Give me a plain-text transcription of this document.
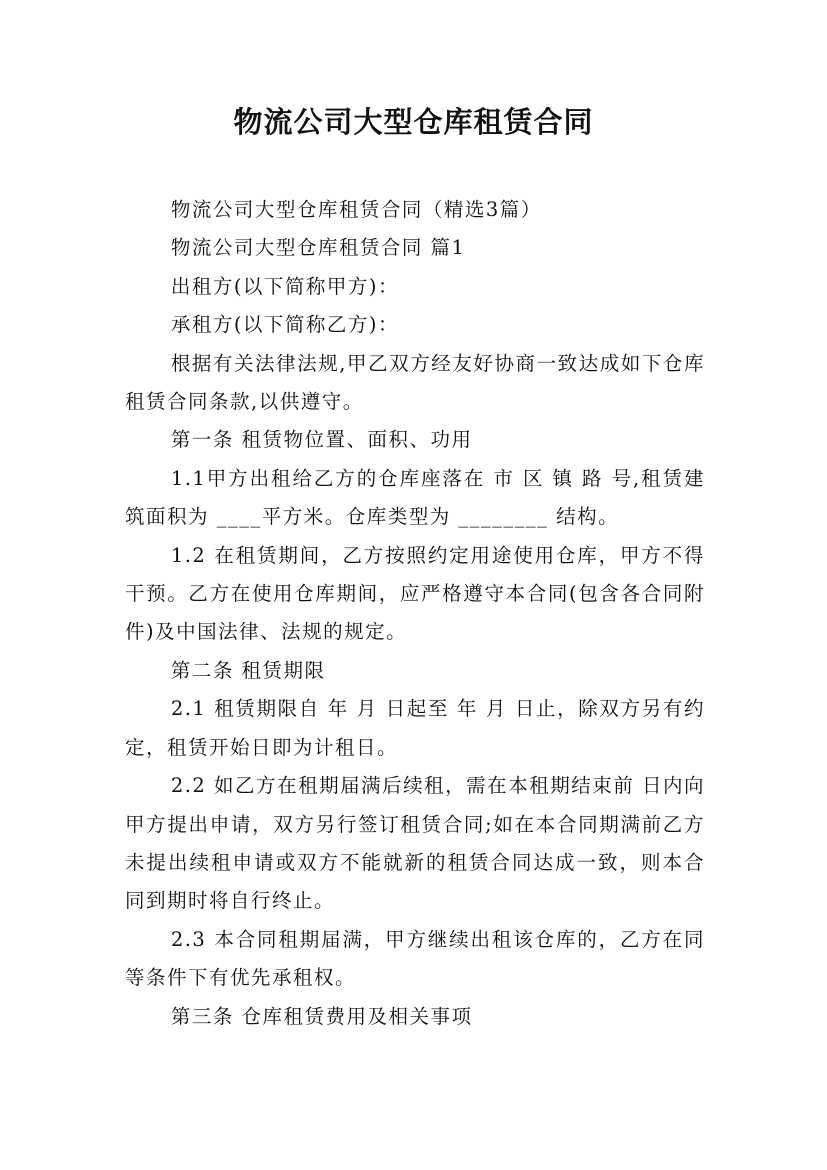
物流公司大型仓库租赁合同

物流公司大型仓库租赁合同（精选3篇）

物流公司大型仓库租赁合同 篇1

出租方(以下简称甲方)：

承租方(以下简称乙方)：

根据有关法律法规,甲乙双方经友好协商一致达成如下仓库租赁合同条款,以供遵守。

第一条 租赁物位置、面积、功用

1.1甲方出租给乙方的仓库座落在 市 区 镇 路 号,租赁建筑面积为 ____平方米。仓库类型为 ________ 结构。

1.2 在租赁期间，乙方按照约定用途使用仓库，甲方不得干预。乙方在使用仓库期间，应严格遵守本合同(包含各合同附件)及中国法律、法规的规定。

第二条 租赁期限

2.1 租赁期限自 年 月 日起至 年 月 日止，除双方另有约定，租赁开始日即为计租日。

2.2 如乙方在租期届满后续租，需在本租期结束前 日内向甲方提出申请，双方另行签订租赁合同;如在本合同期满前乙方未提出续租申请或双方不能就新的租赁合同达成一致，则本合同到期时将自行终止。

2.3 本合同租期届满，甲方继续出租该仓库的，乙方在同等条件下有优先承租权。

第三条 仓库租赁费用及相关事项
